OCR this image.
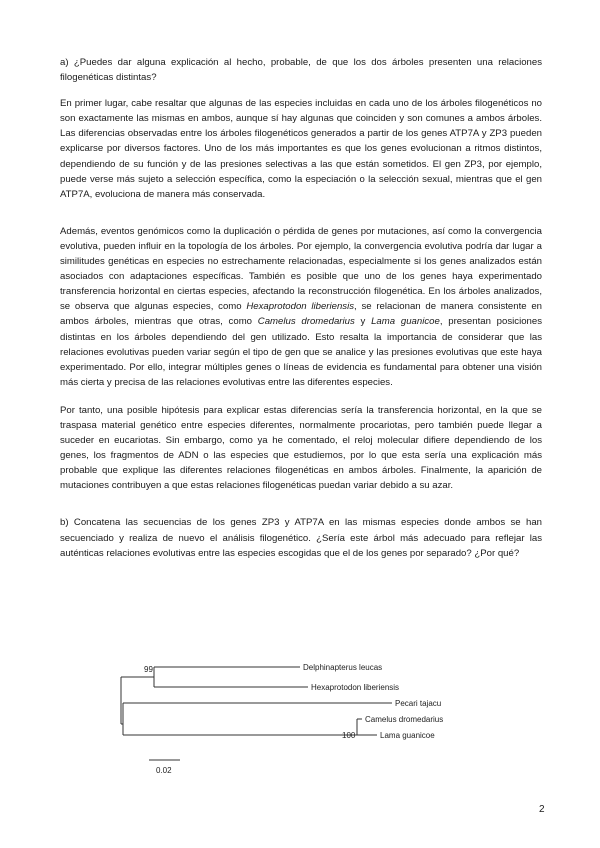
a) ¿Puedes dar alguna explicación al hecho, probable, de que los dos árboles presenten una relaciones filogenéticas distintas?

En primer lugar, cabe resaltar que algunas de las especies incluidas en cada uno de los árboles filogenéticos no son exactamente las mismas en ambos, aunque sí hay algunas que coinciden y son comunes a ambos árboles. Las diferencias observadas entre los árboles filogenéticos generados a partir de los genes ATP7A y ZP3 pueden explicarse por diversos factores. Uno de los más importantes es que los genes evolucionan a ritmos distintos, dependiendo de su función y de las presiones selectivas a las que están sometidos. El gen ZP3, por ejemplo, puede verse más sujeto a selección específica, como la especiación o la selección sexual, mientras que el gen ATP7A, evoluciona de manera más conservada.

Además, eventos genómicos como la duplicación o pérdida de genes por mutaciones, así como la convergencia evolutiva, pueden influir en la topología de los árboles. Por ejemplo, la convergencia evolutiva podría dar lugar a similitudes genéticas en especies no estrechamente relacionadas, especialmente si los genes analizados están asociados con adaptaciones específicas. También es posible que uno de los genes haya experimentado transferencia horizontal en ciertas especies, afectando la reconstrucción filogenética. En los árboles analizados, se observa que algunas especies, como Hexaprotodon liberiensis, se relacionan de manera consistente en ambos árboles, mientras que otras, como Camelus dromedarius y Lama guanicoe, presentan posiciones distintas en los árboles dependiendo del gen utilizado. Esto resalta la importancia de considerar que las relaciones evolutivas pueden variar según el tipo de gen que se analice y las presiones evolutivas que este haya experimentado. Por ello, integrar múltiples genes o líneas de evidencia es fundamental para obtener una visión más cierta y precisa de las relaciones evolutivas entre las diferentes especies.

Por tanto, una posible hipótesis para explicar estas diferencias sería la transferencia horizontal, en la que se traspasa material genético entre especies diferentes, normalmente procariotas, pero también puede llegar a suceder en eucariotas. Sin embargo, como ya he comentado, el reloj molecular difiere dependiendo de los genes, los fragmentos de ADN o las especies que estudiemos, por lo que esta sería una explicación más probable que explique las diferentes relaciones filogenéticas en ambos árboles. Finalmente, la aparición de mutaciones contribuyen a que estas relaciones filogenéticas puedan variar debido a su azar.

b) Concatena las secuencias de los genes ZP3 y ATP7A en las mismas especies donde ambos se han secuenciado y realiza de nuevo el análisis filogenético. ¿Sería este árbol más adecuado para reflejar las auténticas relaciones evolutivas entre las especies escogidas que el de los genes por separado? ¿Por qué?

99
100
Delphinapterus leucas
Hexaprotodon liberiensis
Pecari tajacu
Camelus dromedarius
Lama guanicoe
0.02
2
